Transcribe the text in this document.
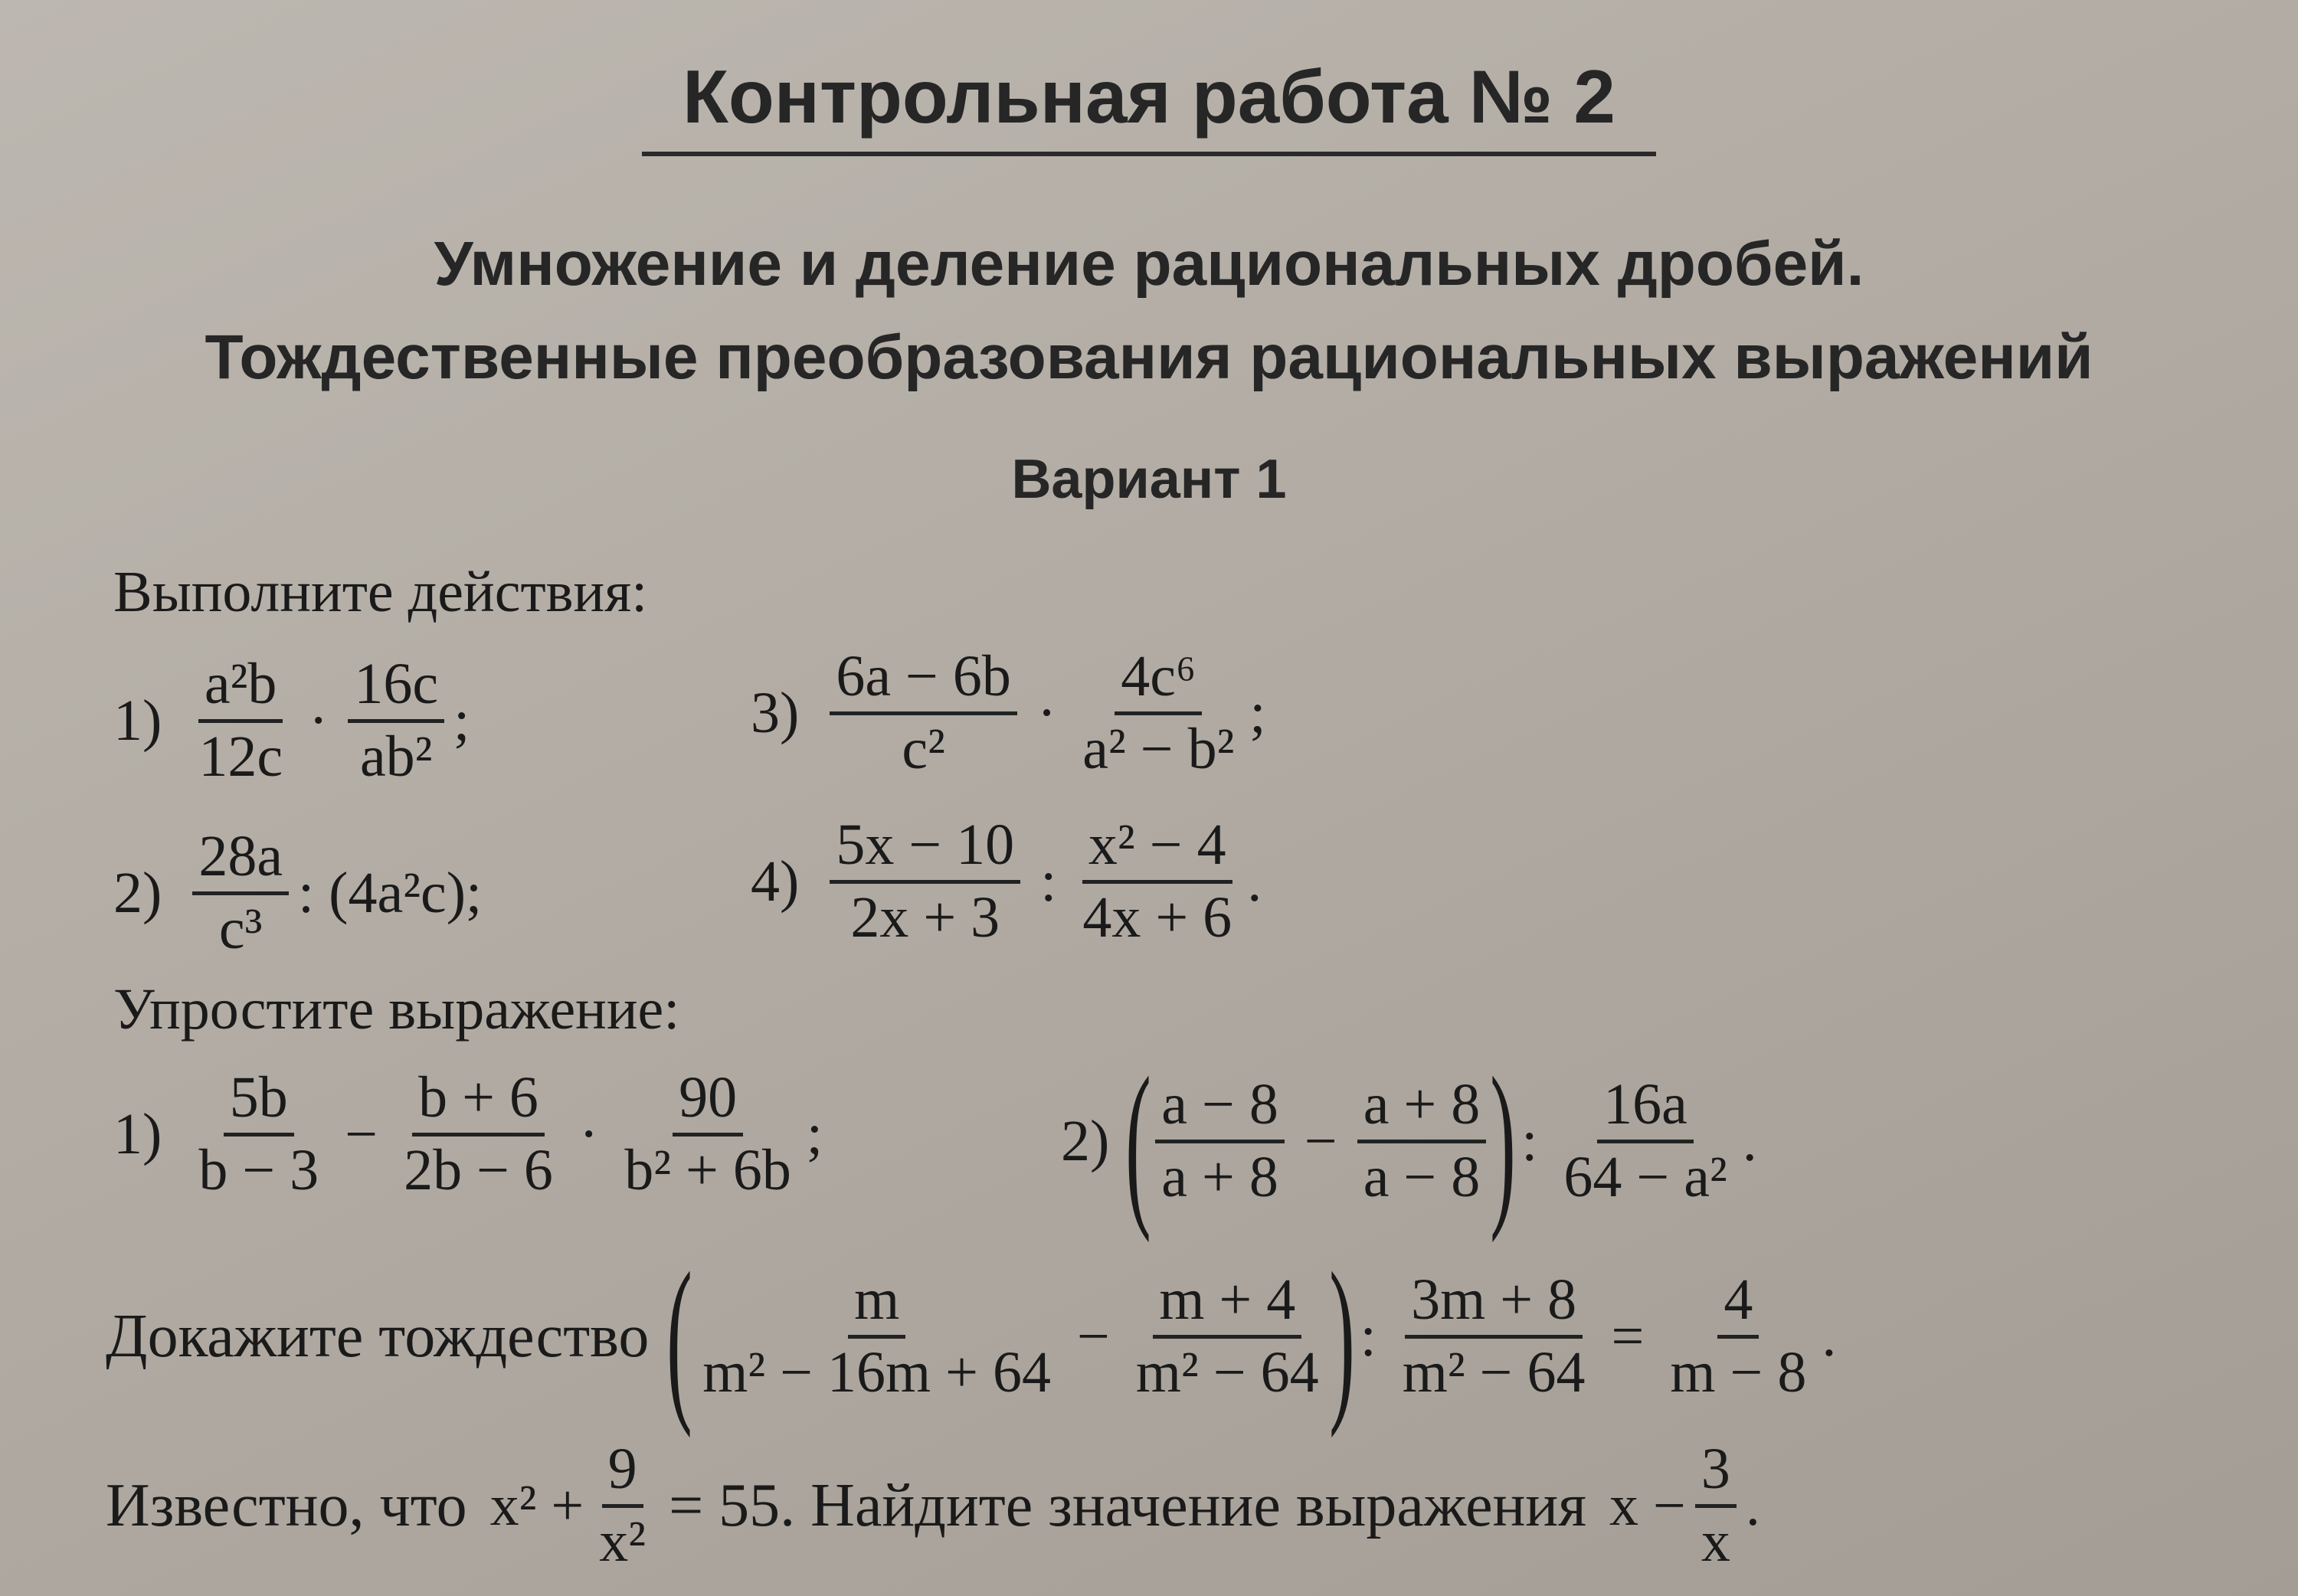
Контрольная работа № 2
Умножение и деление рациональных дробей.
Тождественные преобразования рациональных выражений
Вариант 1
Выполните действия:
$1) \frac{\text{a²b}}{12c} \cdot \frac{16c}{\text{ab²}}$ ;
$2) \frac{28a}{\text{c³}}$ : (4a²c);
$3) \frac{6a - 6b}{\text{c²}} \cdot \frac{\text{4c⁶}}{\text{a² − b²}}$ ;
$4) \frac{5x - 10}{2x + 3}$ : $\frac{\text{x² − 4}}{4x + 6}$ .
Упростите выражение:
$1) \frac{5b}{b - 3} - \frac{b + 6}{2b - 6} \cdot \frac{90}{\text{b² + 6b}}$ ;	2) ( $\frac{a - 8}{a + 8} - \frac{a + 8}{a - 8}$ ) : $\frac{16a}{\text{64 − a²}}$ .
Докажите тождество ( $\frac{m}{\text{m² − 16m + 64}} - \frac{m + 4}{\text{m² − 64}}$ ) : $\frac{3m + 8}{\text{m² − 64}} = \frac{4}{m - 8}$ .
Известно, что $x^2 + \frac{9}{\text{x²}} = 55$. Найдите значение выражения $x - \frac{3}{x}$ .
